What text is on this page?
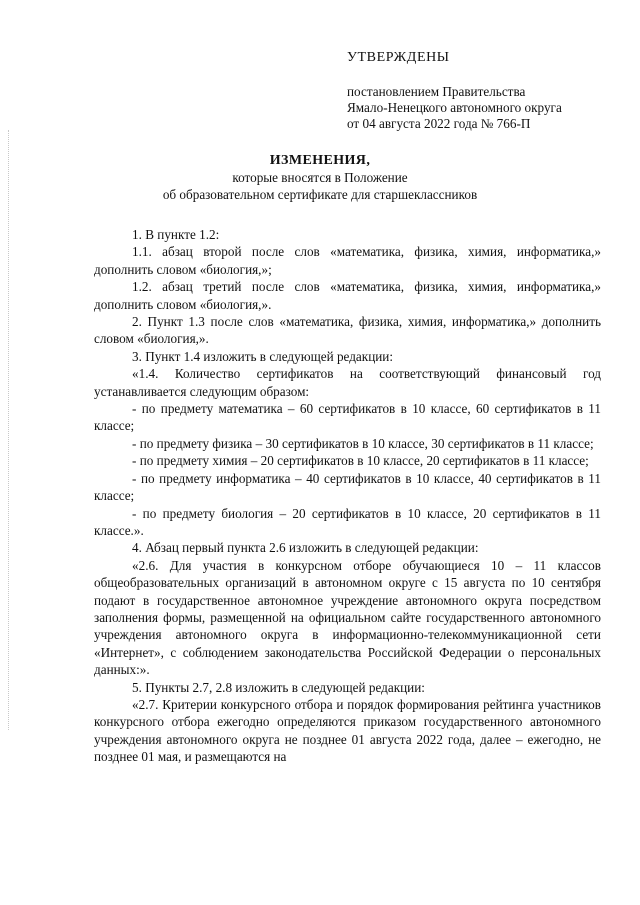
УТВЕРЖДЕНЫ
постановлением Правительства
Ямало-Ненецкого автономного округа
от 04 августа 2022 года № 766-П
ИЗМЕНЕНИЯ,
которые вносятся в Положение
об образовательном сертификате для старшеклассников

1. В пункте 1.2:

1.1. абзац второй после слов «математика, физика, химия, информатика,» дополнить словом «биология,»;

1.2. абзац третий после слов «математика, физика, химия, информатика,» дополнить словом «биология,».

2. Пункт 1.3 после слов «математика, физика, химия, информатика,» дополнить словом «биология,».

3. Пункт 1.4 изложить в следующей редакции:

«1.4. Количество сертификатов на соответствующий финансовый год устанавливается следующим образом:

- по предмету математика – 60 сертификатов в 10 классе, 60 сертификатов в 11 классе;

- по предмету физика – 30 сертификатов в 10 классе, 30 сертификатов в 11 классе;

- по предмету химия – 20 сертификатов в 10 классе, 20 сертификатов в 11 классе;

- по предмету информатика – 40 сертификатов в 10 классе, 40 сертификатов в 11 классе;

- по предмету биология – 20 сертификатов в 10 классе, 20 сертификатов в 11 классе.».

4. Абзац первый пункта 2.6 изложить в следующей редакции:

«2.6. Для участия в конкурсном отборе обучающиеся 10 – 11 классов общеобразовательных организаций в автономном округе с 15 августа по 10 сентября подают в государственное автономное учреждение автономного округа посредством заполнения формы, размещенной на официальном сайте государственного автономного учреждения автономного округа в информационно-телекоммуникационной сети «Интернет», с соблюдением законодательства Российской Федерации о персональных данных:».

5. Пункты 2.7, 2.8 изложить в следующей редакции:

«2.7. Критерии конкурсного отбора и порядок формирования рейтинга участников конкурсного отбора ежегодно определяются приказом государственного автономного учреждения автономного округа не позднее 01 августа 2022 года, далее – ежегодно, не позднее 01 мая, и размещаются на
